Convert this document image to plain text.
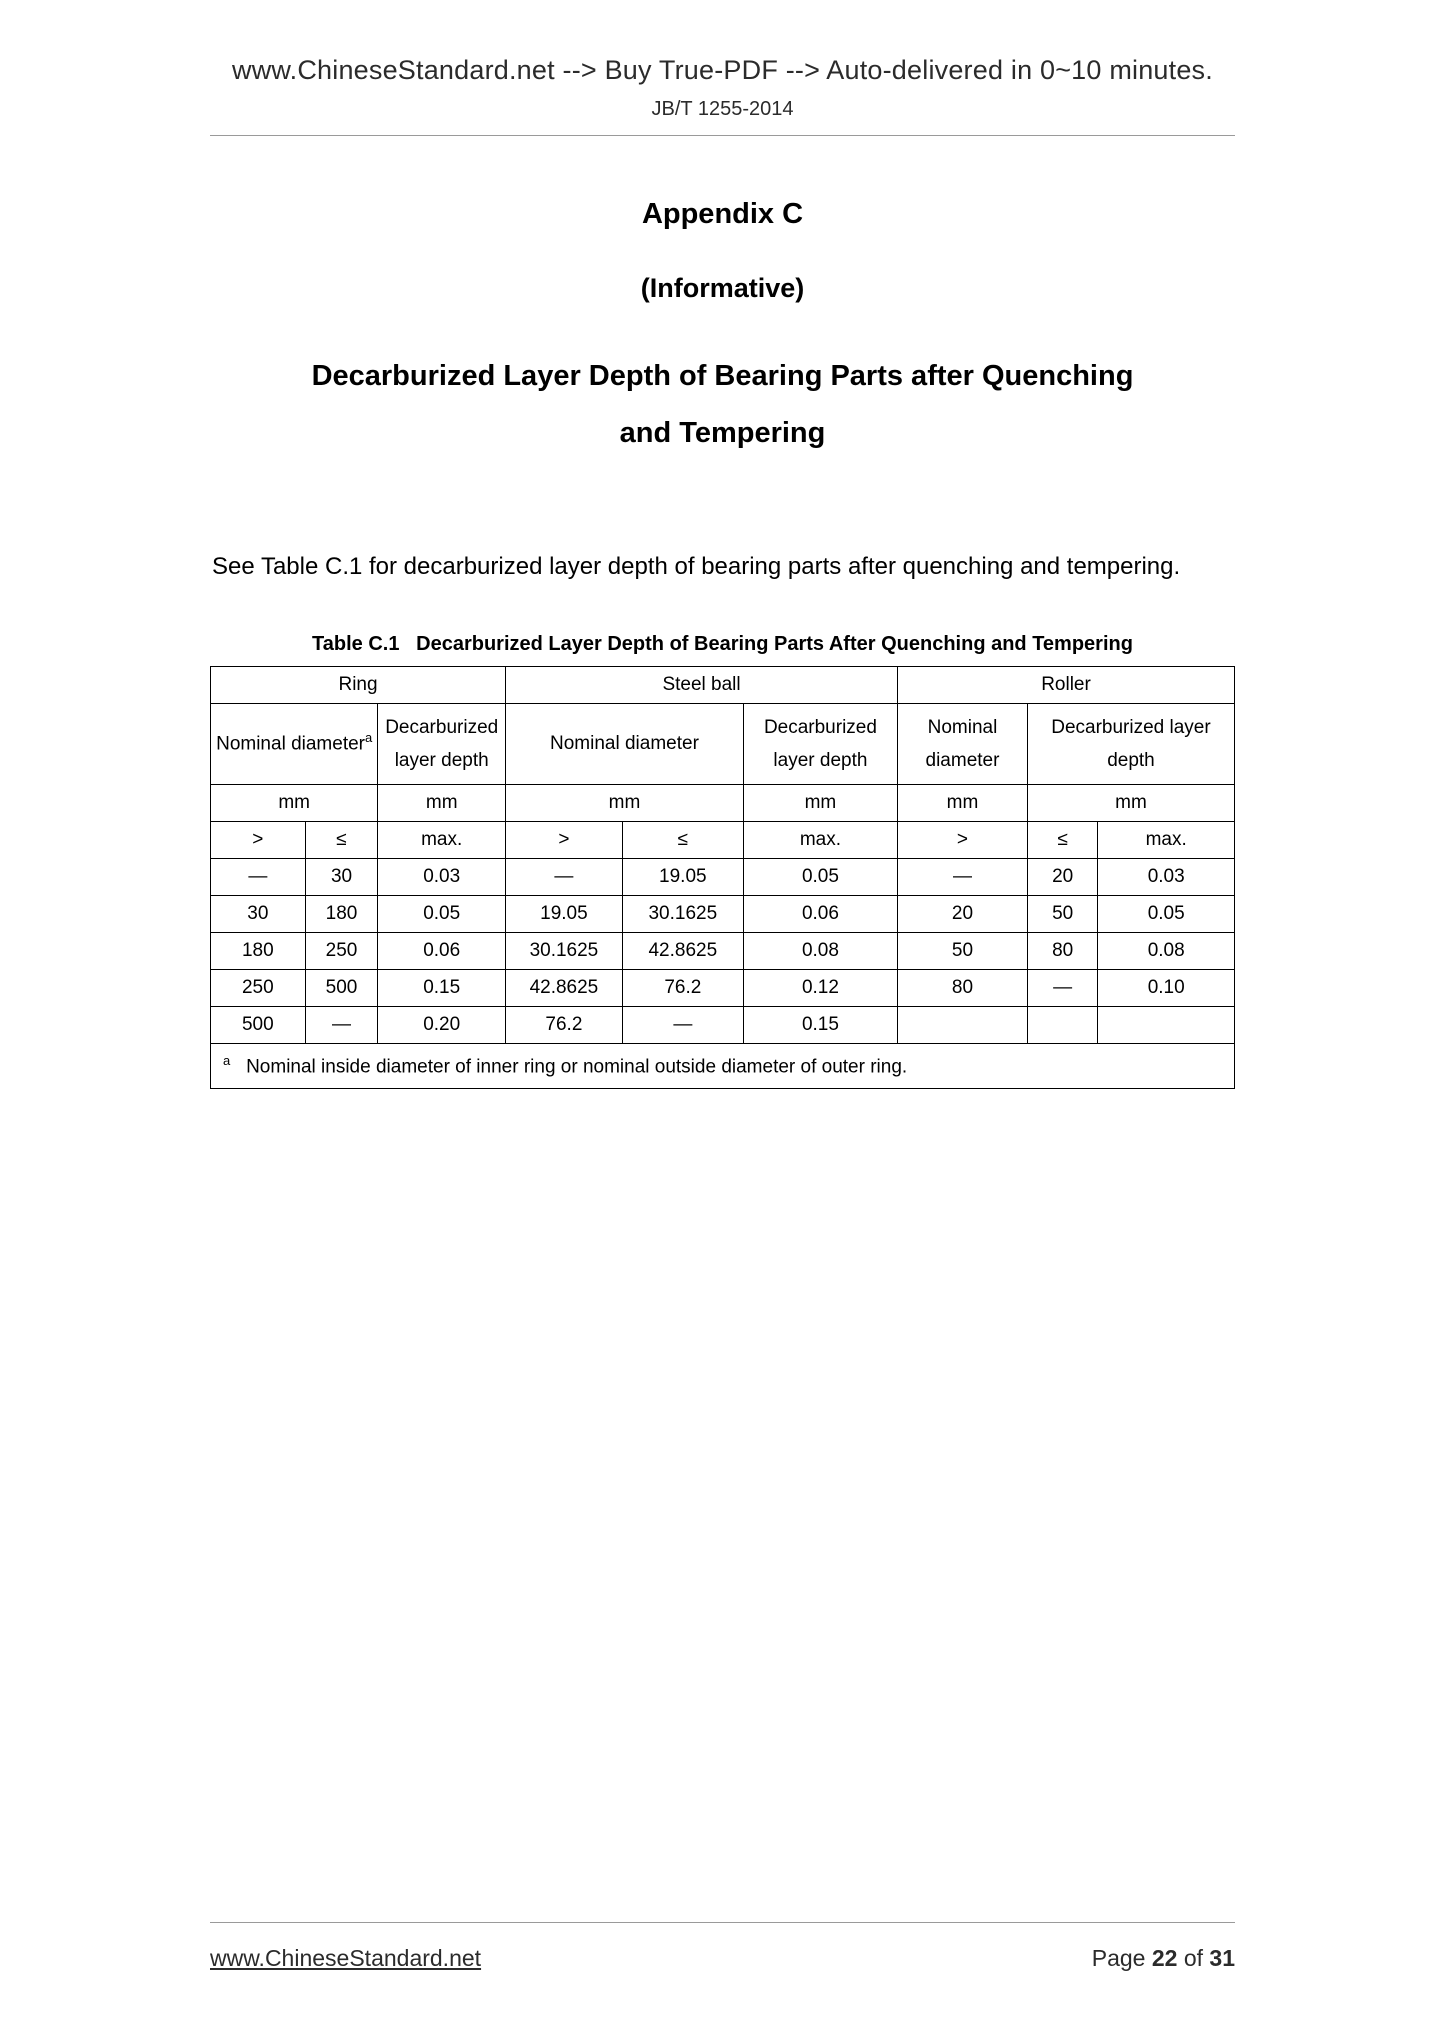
www.ChineseStandard.net --> Buy True-PDF --> Auto-delivered in 0~10 minutes.
JB/T 1255-2014
Appendix C
(Informative)
Decarburized Layer Depth of Bearing Parts after Quenching
and Tempering
See Table C.1 for decarburized layer depth of bearing parts after quenching and tempering.
Table C.1 Decarburized Layer Depth of Bearing Parts After Quenching and Tempering
Ring			Steel ball			Roller		
Nominal diameter$^a$		Decarburized layer depth	Nominal diameter		Decarburized layer depth	Nominal diameter	Decarburized layer depth	
mm		mm	mm		mm	mm	mm	
>	≤	max.	>	≤	max.	>	≤	max.
—	30	0.03	—	19.05	0.05	—	20	0.03
30	180	0.05	19.05	30.1625	0.06	20	50	0.05
180	250	0.06	30.1625	42.8625	0.08	50	80	0.08
250	500	0.15	42.8625	76.2	0.12	80	—	0.10
500	—	0.20	76.2	—	0.15			
$^a$ Nominal inside diameter of inner ring or nominal outside diameter of outer ring.								
www.ChineseStandard.net	Page 22 of 31
